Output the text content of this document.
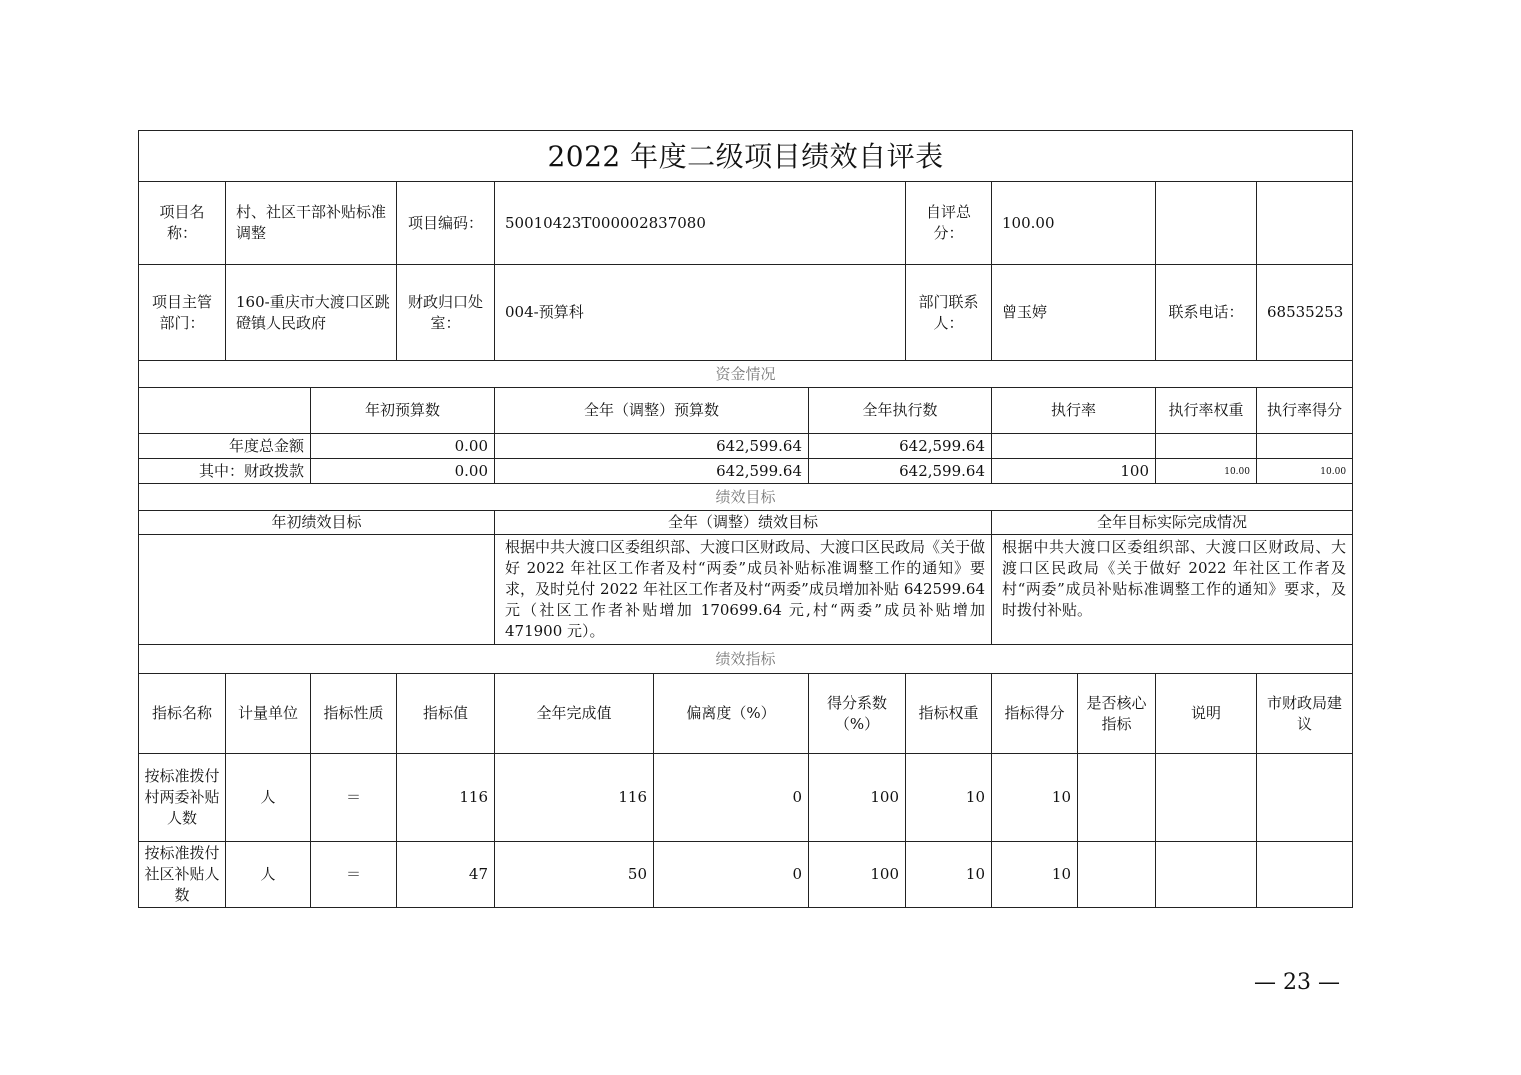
2022 年度二级项目绩效自评表											
项目名称：	村、社区干部补贴标准调整		项目编码：	50010423T000002837080			自评总分：	100.00			
项目主管部门：	160-重庆市大渡口区跳磴镇人民政府		财政归口处室：	004-预算科			部门联系人：	曾玉婷		联系电话：	68535253
资金情况											
		年初预算数		全年（调整）预算数		全年执行数		执行率		执行率权重	执行率得分
年度总金额		0.00		642,599.64		642,599.64					
其中：财政拨款		0.00		642,599.64		642,599.64		100		10.00	10.00
绩效目标											
年初绩效目标				全年（调整）绩效目标				全年目标实际完成情况			
				根据中共大渡口区委组织部、大渡口区财政局、大渡口区民政局《关于做好 2022 年社区工作者及村“两委”成员补贴标准调整工作的通知》要求，及时兑付 2022 年社区工作者及村“两委”成员增加补贴 642599.64 元（社区工作者补贴增加 170699.64 元,村“两委”成员补贴增加 471900 元）。				根据中共大渡口区委组织部、大渡口区财政局、大渡口区民政局《关于做好 2022 年社区工作者及村“两委”成员补贴标准调整工作的通知》要求，及时拨付补贴。			
绩效指标											
指标名称	计量单位	指标性质	指标值	全年完成值	偏离度（%）	得分系数（%）	指标权重	指标得分	是否核心指标	说明	市财政局建议
按标准拨付村两委补贴人数	人	＝	116	116	0	100	10	10			
按标准拨付社区补贴人数	人	＝	47	50	0	100	10	10			
— 23 —
